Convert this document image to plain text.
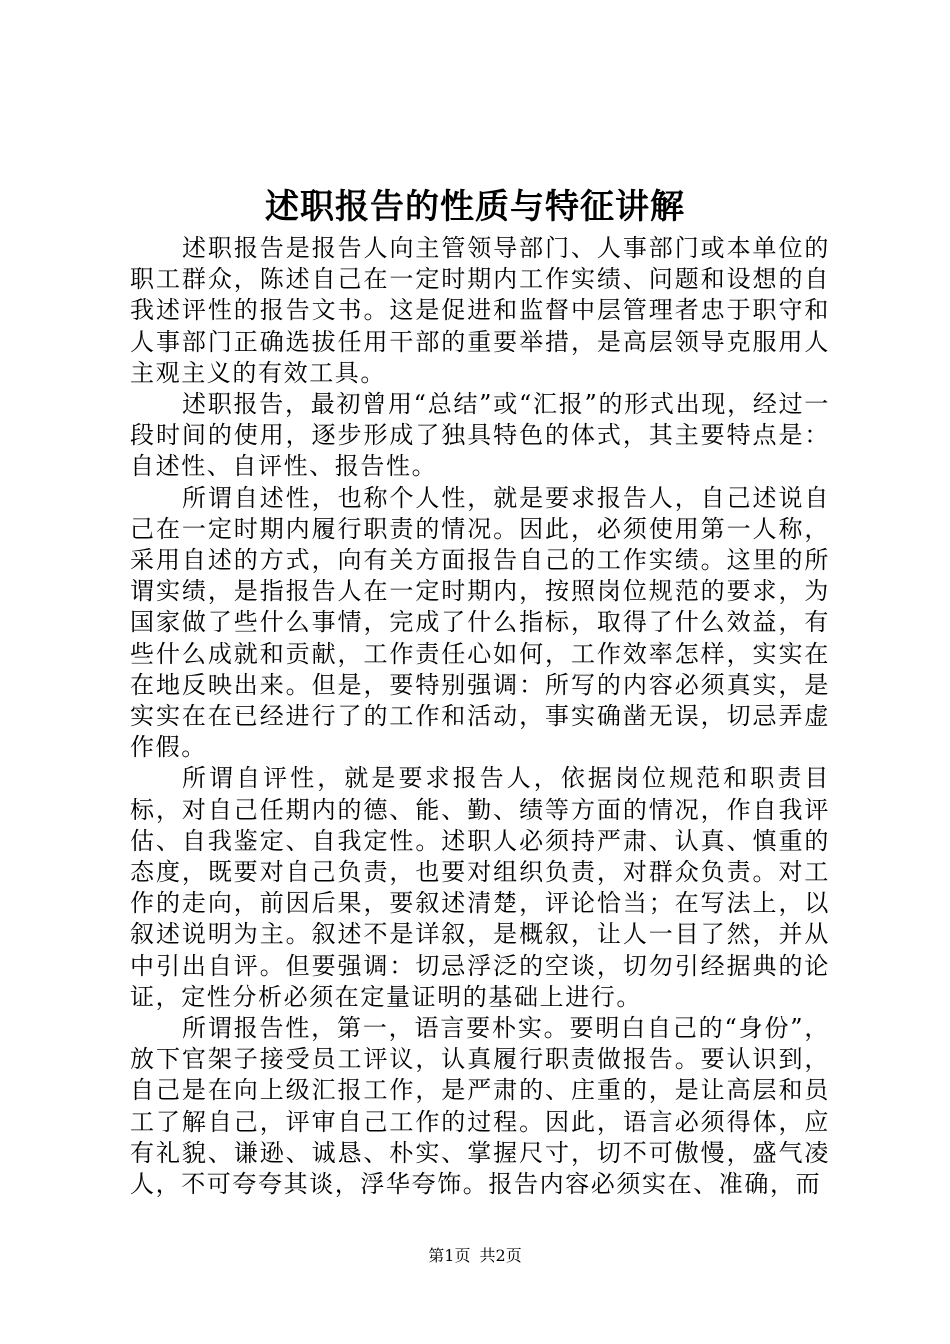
述职报告的性质与特征讲解

述职报告是报告人向主管领导部门、人事部门或本单位的职工群众，陈述自己在一定时期内工作实绩、问题和设想的自我述评性的报告文书。这是促进和监督中层管理者忠于职守和人事部门正确选拔任用干部的重要举措，是高层领导克服用人主观主义的有效工具。

述职报告，最初曾用“总结”或“汇报”的形式出现，经过一段时间的使用，逐步形成了独具特色的体式，其主要特点是：自述性、自评性、报告性。

所谓自述性，也称个人性，就是要求报告人，自己述说自己在一定时期内履行职责的情况。因此，必须使用第一人称，采用自述的方式，向有关方面报告自己的工作实绩。这里的所谓实绩，是指报告人在一定时期内，按照岗位规范的要求，为国家做了些什么事情，完成了什么指标，取得了什么效益，有些什么成就和贡献，工作责任心如何，工作效率怎样，实实在在地反映出来。但是，要特别强调：所写的内容必须真实，是实实在在已经进行了的工作和活动，事实确凿无误，切忌弄虚作假。

所谓自评性，就是要求报告人，依据岗位规范和职责目标，对自己任期内的德、能、勤、绩等方面的情况，作自我评估、自我鉴定、自我定性。述职人必须持严肃、认真、慎重的态度，既要对自己负责，也要对组织负责，对群众负责。对工作的走向，前因后果，要叙述清楚，评论恰当；在写法上，以叙述说明为主。叙述不是详叙，是概叙，让人一目了然，并从中引出自评。但要强调：切忌浮泛的空谈，切勿引经据典的论证，定性分析必须在定量证明的基础上进行。

所谓报告性，第一，语言要朴实。要明白自己的“身份”，放下官架子接受员工评议，认真履行职责做报告。要认识到，自己是在向上级汇报工作，是严肃的、庄重的，是让高层和员工了解自己，评审自己工作的过程。因此，语言必须得体，应有礼貌、谦逊、诚恳、朴实、掌握尺寸，切不可傲慢，盛气凌人，不可夸夸其谈，浮华夸饰。报告内容必须实在、准确，而

第1页 共2页
